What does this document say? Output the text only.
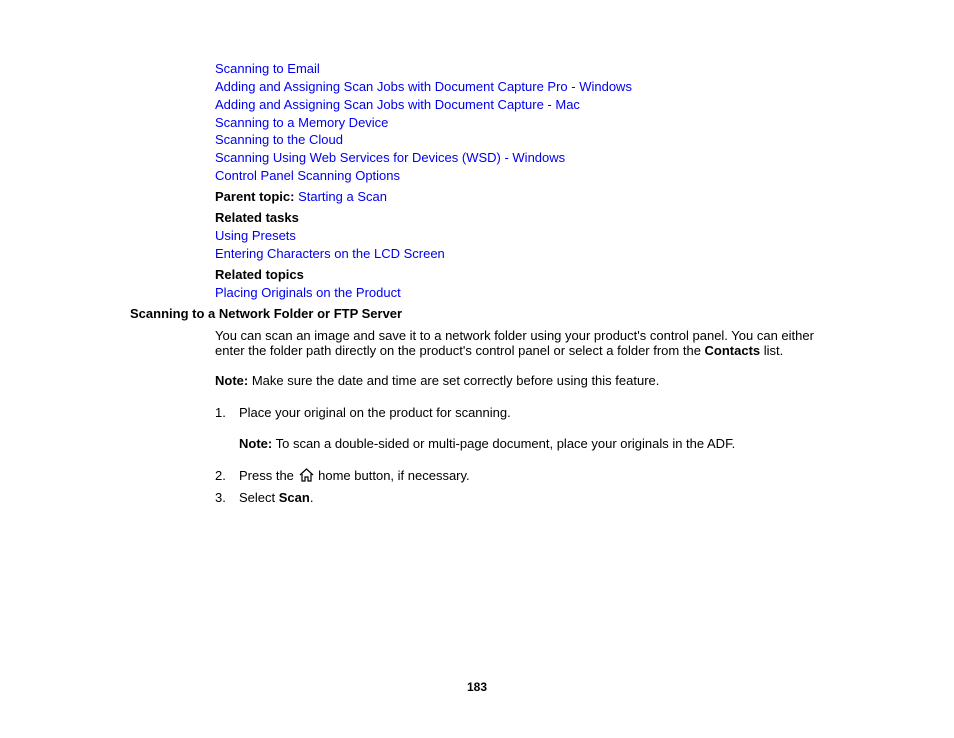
Scanning to Email
Adding and Assigning Scan Jobs with Document Capture Pro - Windows
Adding and Assigning Scan Jobs with Document Capture - Mac
Scanning to a Memory Device
Scanning to the Cloud
Scanning Using Web Services for Devices (WSD) - Windows
Control Panel Scanning Options
Parent topic: Starting a Scan
Related tasks
Using Presets
Entering Characters on the LCD Screen
Related topics
Placing Originals on the Product
Scanning to a Network Folder or FTP Server
You can scan an image and save it to a network folder using your product's control panel. You can either
enter the folder path directly on the product's control panel or select a folder from the Contacts list.
Note: Make sure the date and time are set correctly before using this feature.
1. Place your original on the product for scanning.
Note: To scan a double-sided or multi-page document, place your originals in the ADF.
2. Press the  home button, if necessary.
3. Select Scan.
183
